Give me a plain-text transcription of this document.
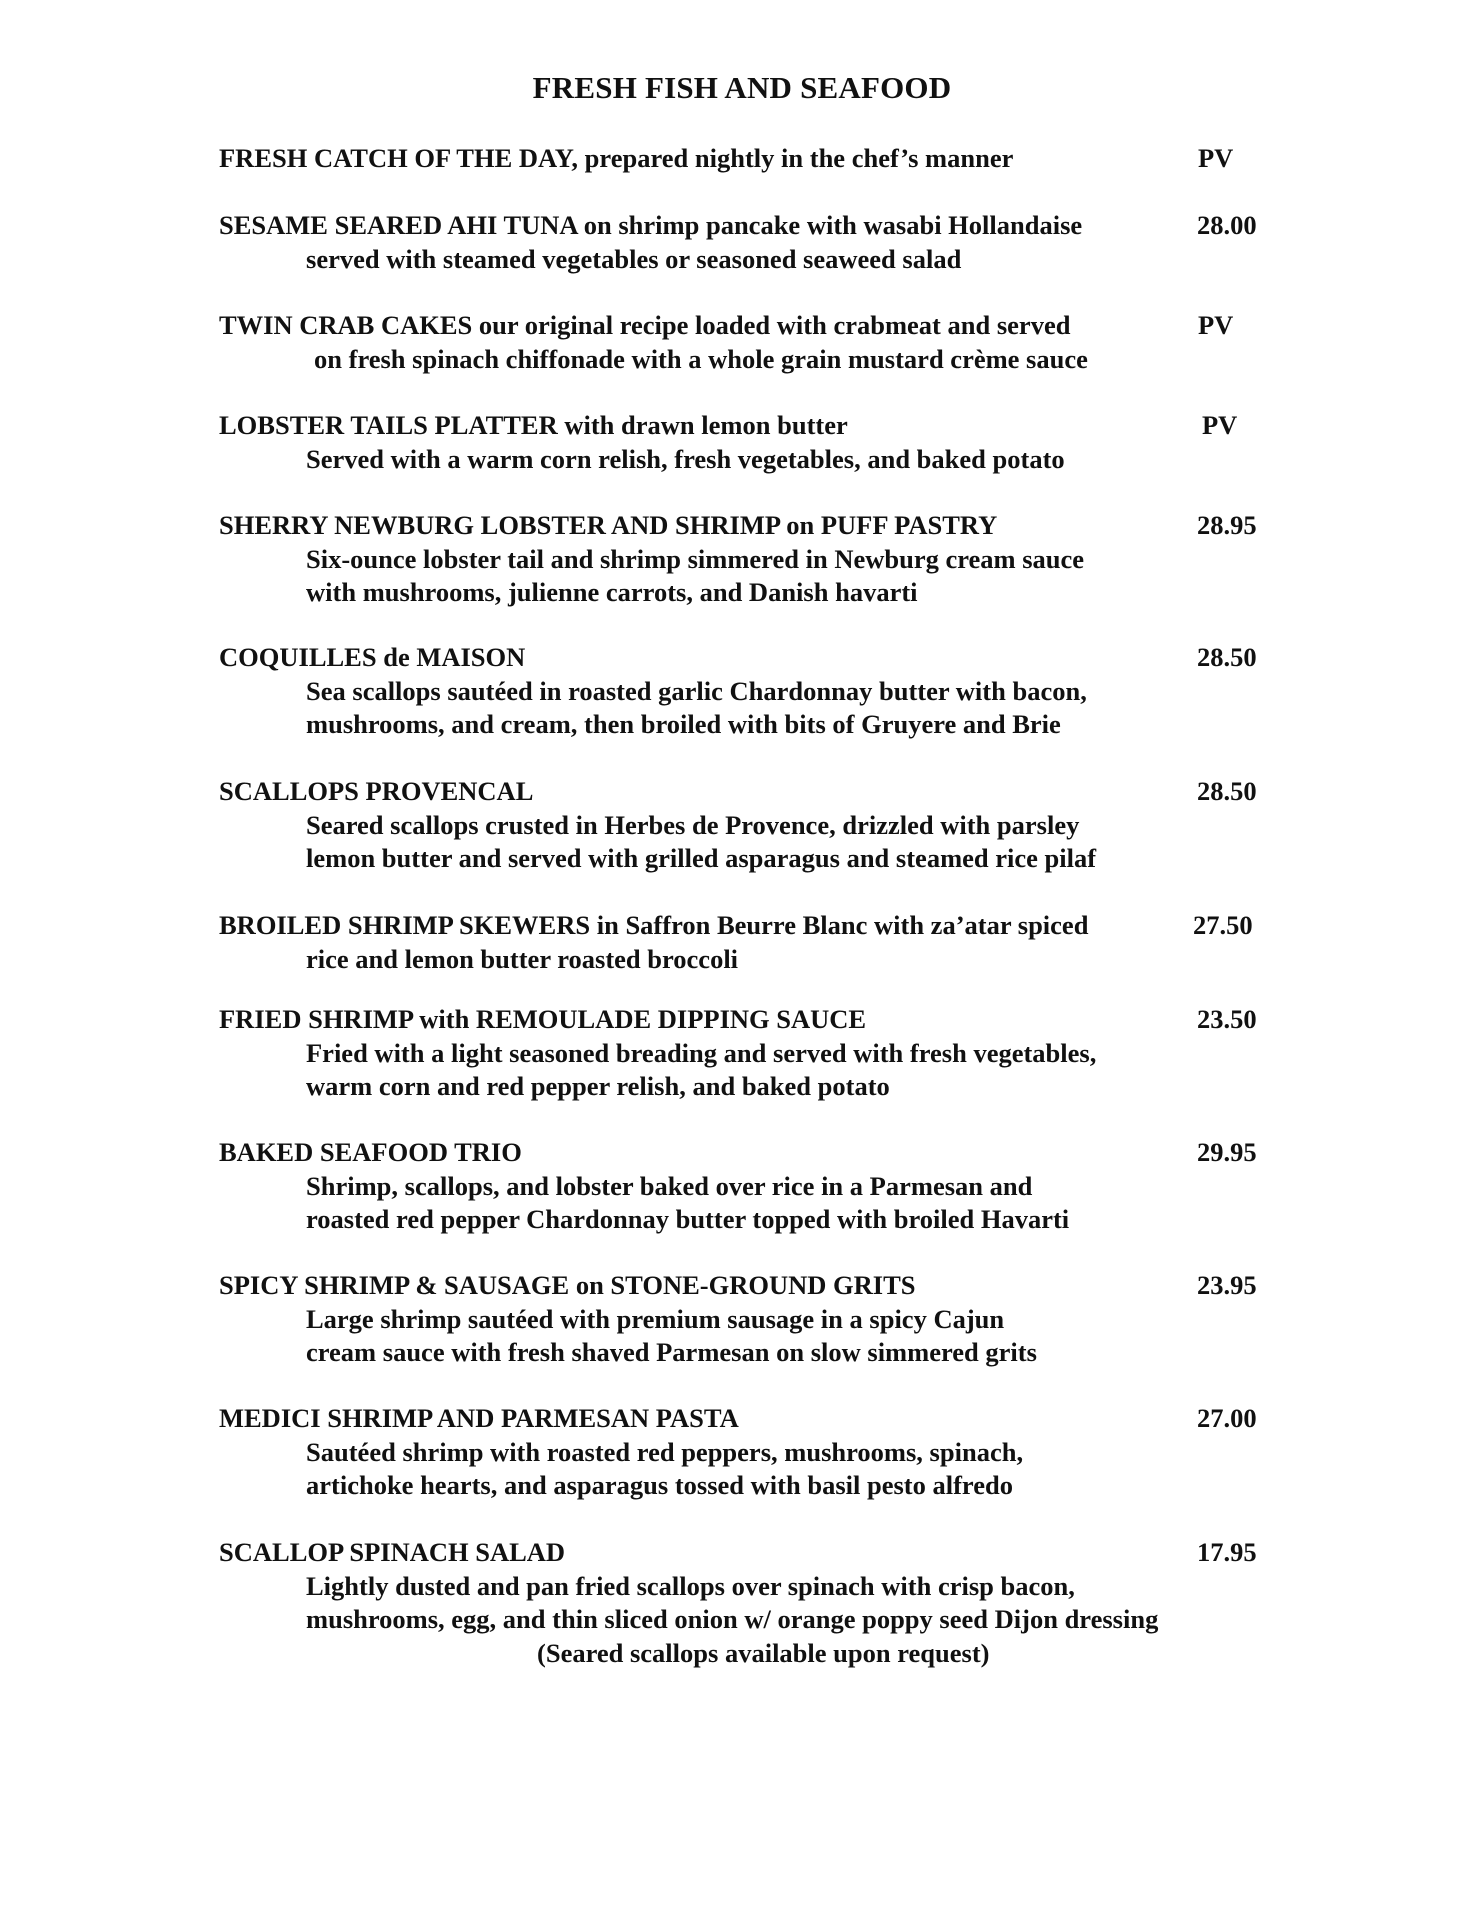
FRESH FISH AND SEAFOOD
FRESH CATCH OF THE DAY, prepared nightly in the chef’s manner	PV
SESAME SEARED AHI TUNA on shrimp pancake with wasabi Hollandaise
served with steamed vegetables or seasoned seaweed salad
28.00
TWIN CRAB CAKES our original recipe loaded with crabmeat and served
on fresh spinach chiffonade with a whole grain mustard crème sauce
PV
LOBSTER TAILS PLATTER with drawn lemon butter
Served with a warm corn relish, fresh vegetables, and baked potato
PV
SHERRY NEWBURG LOBSTER AND SHRIMP on PUFF PASTRY
Six-ounce lobster tail and shrimp simmered in Newburg cream sauce
with mushrooms, julienne carrots, and Danish havarti
28.95
COQUILLES de MAISON
Sea scallops sautéed in roasted garlic Chardonnay butter with bacon,
mushrooms, and cream, then broiled with bits of Gruyere and Brie
28.50
SCALLOPS PROVENCAL
Seared scallops crusted in Herbes de Provence, drizzled with parsley
lemon butter and served with grilled asparagus and steamed rice pilaf
28.50
BROILED SHRIMP SKEWERS in Saffron Beurre Blanc with za’atar spiced
rice and lemon butter roasted broccoli
27.50
FRIED SHRIMP with REMOULADE DIPPING SAUCE
Fried with a light seasoned breading and served with fresh vegetables,
warm corn and red pepper relish, and baked potato
23.50
BAKED SEAFOOD TRIO
Shrimp, scallops, and lobster baked over rice in a Parmesan and
roasted red pepper Chardonnay butter topped with broiled Havarti
29.95
SPICY SHRIMP & SAUSAGE on STONE-GROUND GRITS
Large shrimp sautéed with premium sausage in a spicy Cajun
cream sauce with fresh shaved Parmesan on slow simmered grits
23.95
MEDICI SHRIMP AND PARMESAN PASTA
Sautéed shrimp with roasted red peppers, mushrooms, spinach,
artichoke hearts, and asparagus tossed with basil pesto alfredo
27.00
SCALLOP SPINACH SALAD
Lightly dusted and pan fried scallops over spinach with crisp bacon,
mushrooms, egg, and thin sliced onion w/ orange poppy seed Dijon dressing
(Seared scallops available upon request)
17.95
